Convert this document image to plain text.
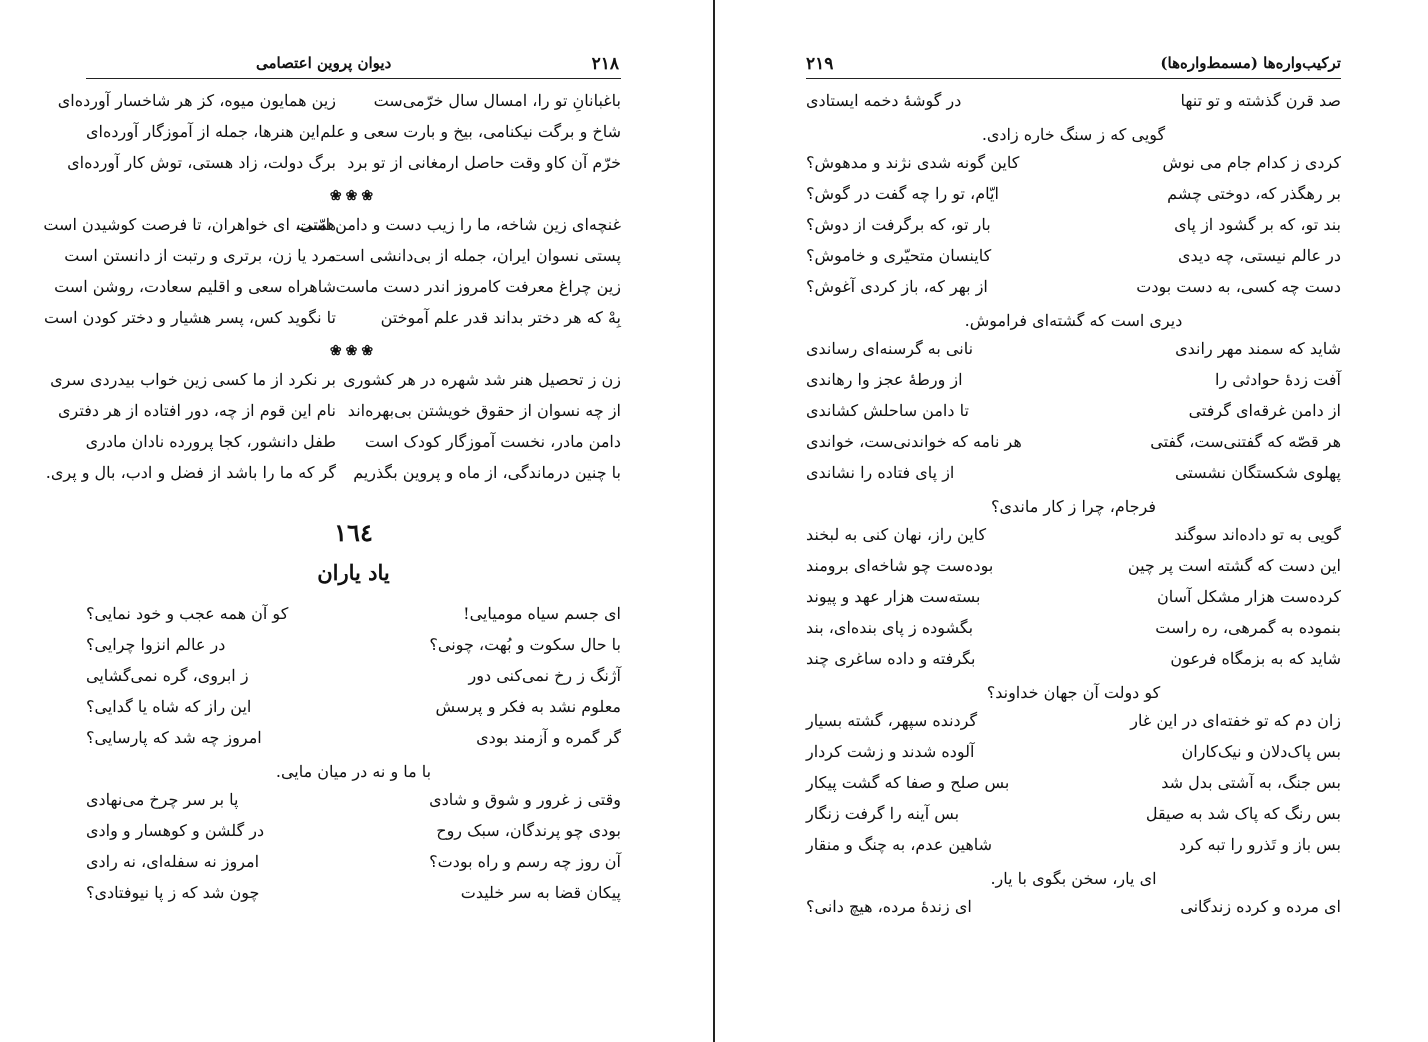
دیوان پروین اعتصامی	۲۱۸
باغبانانِ تو را، امسال سال خرّمی‌ست
زین همایون میوه، کز هر شاخسار آورده‌ای
شاخ و برگت نیکنامی، بیخ و بارت سعی و علم
این هنرها، جمله از آموزگار آورده‌ای
خرّم آن کاو وقت حاصل ارمغانی از تو برد
برگ دولت، زاد هستی، توش کار آورده‌ای
❀❀❀
غنچه‌ای زین شاخه، ما را زیب دست و دامن است
همّتی، ای خواهران، تا فرصت کوشیدن است
پستی نسوان ایران، جمله از بی‌دانشی است
مرد یا زن، برتری و رتبت از دانستن است
زین چراغ معرفت کامروز اندر دست ماست
شاهراه سعی و اقلیم سعادت، روشن است
بِهْ که هر دختر بداند قدر علم آموختن
تا نگوید کس، پسر هشیار و دختر کودن است
❀❀❀
زن ز تحصیل هنر شد شهره در هر کشوری
بر نکرد از ما کسی زین خواب بیدردی سری
از چه نسوان از حقوق خویشتن بی‌بهره‌اند
نام این قوم از چه، دور افتاده از هر دفتری
دامن مادر، نخست آموزگار کودک است
طفل دانشور، کجا پرورده نادان مادری
با چنین درماندگی، از ماه و پروین بگذریم
گر که ما را باشد از فضل و ادب، بال و پری.
١٦٤
یاد یاران
ای جسم سیاه مومیایی!
کو آن همه عجب و خود نمایی؟
با حال سکوت و بُهت، چونی؟
در عالم انزوا چرایی؟
آژنگ ز رخ نمی‌کنی دور
ز ابروی، گره نمی‌گشایی
معلوم نشد به فکر و پرسش
این راز که شاه یا گدایی؟
گر گمره و آزمند بودی
امروز چه شد که پارسایی؟
با ما و نه در میان مایی.
وقتی ز غرور و شوق و شادی
پا بر سر چرخ می‌نهادی
بودی چو پرندگان، سبک روح
در گلشن و کوهسار و وادی
آن روز چه رسم و راه بودت؟
امروز نه سفله‌ای، نه رادی
پیکان قضا به سر خلیدت
چون شد که ز پا نیوفتادی؟
۲۱۹	ترکیب‌واره‌ها (مسمط‌واره‌ها)
صد قرن گذشته و تو تنها
در گوشهٔ دخمه ایستادی
گویی که ز سنگ خاره زادی.
کردی ز کدام جام می نوش
کاین گونه شدی نژند و مدهوش؟
بر رهگذر که، دوختی چشم
ایّام، تو را چه گفت در گوش؟
بند تو، که بر گشود از پای
بار تو، که برگرفت از دوش؟
در عالم نیستی، چه دیدی
کاینسان متحیّری و خاموش؟
دست چه کسی، به دست بودت
از بهر که، باز کردی آغوش؟
دیری است که گشته‌ای فراموش.
شاید که سمند مهر راندی
نانی به گرسنه‌ای رساندی
آفت زدهٔ حوادثی را
از ورطهٔ عجز وا رهاندی
از دامن غرقه‌ای گرفتی
تا دامن ساحلش کشاندی
هر قصّه که گفتنی‌ست، گفتی
هر نامه که خواندنی‌ست، خواندی
پهلوی شکستگان نشستی
از پای فتاده را نشاندی
فرجام، چرا ز کار ماندی؟
گویی به تو داده‌اند سوگند
کاین راز، نهان کنی به لبخند
این دست که گشته است پر چین
بوده‌ست چو شاخه‌ای برومند
کرده‌ست هزار مشکل آسان
بسته‌ست هزار عهد و پیوند
بنموده به گمرهی، ره راست
بگشوده ز پای بنده‌ای، بند
شاید که به بزمگاه فرعون
بگرفته و داده ساغری چند
کو دولت آن جهان خداوند؟
زان دم که تو خفته‌ای در این غار
گردنده سپهر، گشته بسیار
بس پاک‌دلان و نیک‌کاران
آلوده شدند و زشت کردار
بس جنگ، به آشتی بدل شد
بس صلح و صفا که گشت پیکار
بس رنگ که پاک شد به صیقل
بس آینه را گرفت زنگار
بس باز و تَذرو را تبه کرد
شاهین عدم، به چنگ و منقار
ای یار، سخن بگوی با یار.
ای مرده و کرده زندگانی
ای زندهٔ مرده، هیچ دانی؟
